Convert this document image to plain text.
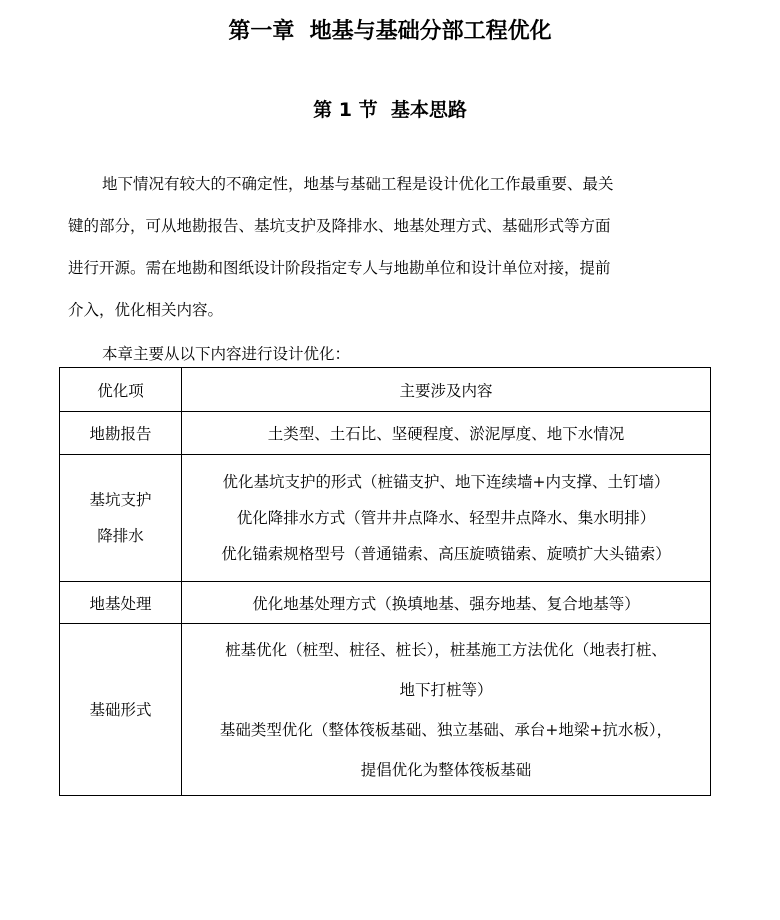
第一章  地基与基础分部工程优化
第 1 节  基本思路
地下情况有较大的不确定性，地基与基础工程是设计优化工作最重要、最关
键的部分，可从地勘报告、基坑支护及降排水、地基处理方式、基础形式等方面
进行开源。需在地勘和图纸设计阶段指定专人与地勘单位和设计单位对接，提前
介入，优化相关内容。
本章主要从以下内容进行设计优化：
优化项	主要涉及内容

地勘报告	土类型、土石比、坚硬程度、淤泥厚度、地下水情况

基坑支护
降排水	优化基坑支护的形式（桩锚支护、地下连续墙+内支撑、土钉墙）
优化降排水方式（管井井点降水、轻型井点降水、集水明排）
优化锚索规格型号（普通锚索、高压旋喷锚索、旋喷扩大头锚索）

地基处理	优化地基处理方式（换填地基、强夯地基、复合地基等）

基础形式	桩基优化（桩型、桩径、桩长），桩基施工方法优化（地表打桩、
地下打桩等）
基础类型优化（整体筏板基础、独立基础、承台+地梁+抗水板），
提倡优化为整体筏板基础
